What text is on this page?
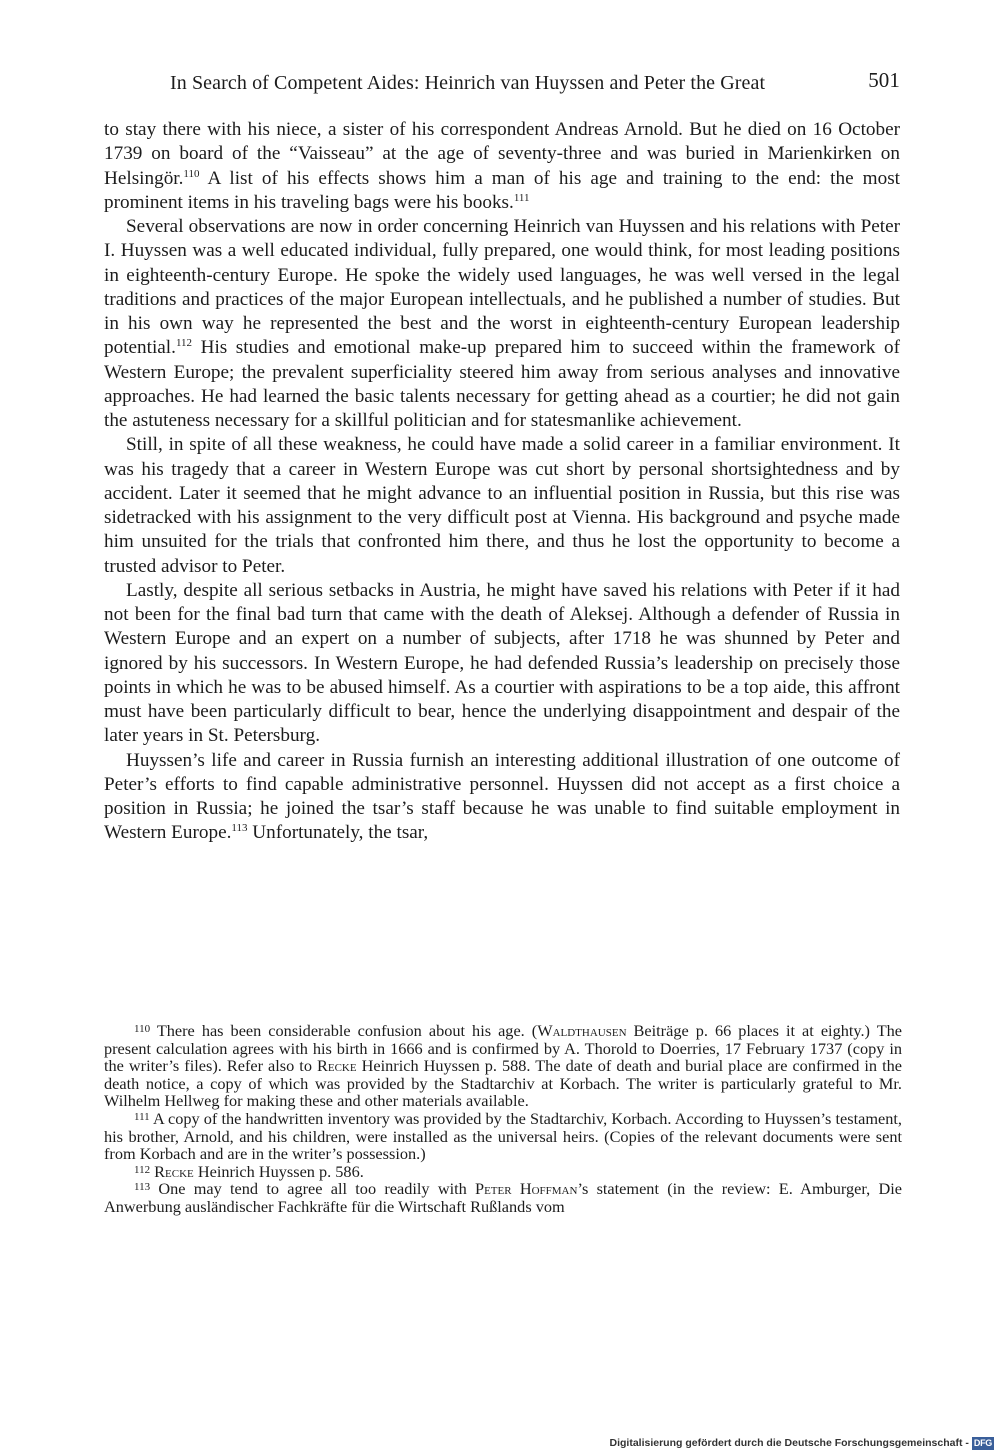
In Search of Competent Aides: Heinrich van Huyssen and Peter the Great	501

to stay there with his niece, a sister of his correspondent Andreas Arnold. But he died on 16 October 1739 on board of the “Vaisseau” at the age of seventy-three and was buried in Marienkirken on Helsingör.$^{110}$ A list of his effects shows him a man of his age and training to the end: the most prominent items in his traveling bags were his books.$^{111}$

Several observations are now in order concerning Heinrich van Huyssen and his relations with Peter I. Huyssen was a well educated individual, fully prepared, one would think, for most leading positions in eighteenth-century Europe. He spoke the widely used languages, he was well versed in the legal traditions and practices of the major European intellectuals, and he published a number of studies. But in his own way he represented the best and the worst in eighteenth-century European leadership potential.$^{112}$ His studies and emotional make-up prepared him to succeed within the framework of Western Europe; the prevalent superficiality steered him away from serious analyses and innovative approaches. He had learned the basic talents necessary for getting ahead as a courtier; he did not gain the astuteness necessary for a skillful politician and for statesmanlike achievement.

Still, in spite of all these weakness, he could have made a solid career in a familiar environment. It was his tragedy that a career in Western Europe was cut short by personal shortsightedness and by accident. Later it seemed that he might advance to an influential position in Russia, but this rise was sidetracked with his assignment to the very difficult post at Vienna. His background and psyche made him unsuited for the trials that confronted him there, and thus he lost the opportunity to become a trusted advisor to Peter.

Lastly, despite all serious setbacks in Austria, he might have saved his relations with Peter if it had not been for the final bad turn that came with the death of Aleksej. Although a defender of Russia in Western Europe and an expert on a number of subjects, after 1718 he was shunned by Peter and ignored by his successors. In Western Europe, he had defended Russia’s leadership on precisely those points in which he was to be abused himself. As a courtier with aspirations to be a top aide, this affront must have been particularly difficult to bear, hence the underlying disappointment and despair of the later years in St. Petersburg.

Huyssen’s life and career in Russia furnish an interesting additional illustration of one outcome of Peter’s efforts to find capable administrative personnel. Huyssen did not accept as a first choice a position in Russia; he joined the tsar’s staff because he was unable to find suitable employment in Western Europe.$^{113}$ Unfortunately, the tsar,

$^{110}$ There has been considerable confusion about his age. (Waldthausen Beiträge p. 66 places it at eighty.) The present calculation agrees with his birth in 1666 and is confirmed by A. Thorold to Doerries, 17 February 1737 (copy in the writer’s files). Refer also to Recke Heinrich Huyssen p. 588. The date of death and burial place are confirmed in the death notice, a copy of which was provided by the Stadtarchiv at Korbach. The writer is particularly grateful to Mr. Wilhelm Hellweg for making these and other materials available.

$^{111}$ A copy of the handwritten inventory was provided by the Stadtarchiv, Korbach. According to Huyssen’s testament, his brother, Arnold, and his children, were installed as the universal heirs. (Copies of the relevant documents were sent from Korbach and are in the writer’s possession.)

$^{112}$ Recke Heinrich Huyssen p. 586.

$^{113}$ One may tend to agree all too readily with Peter Hoffman’s statement (in the review: E. Amburger, Die Anwerbung ausländischer Fachkräfte für die Wirtschaft Rußlands vom

Digitalisierung gefördert durch die Deutsche Forschungsgemeinschaft - DFG
